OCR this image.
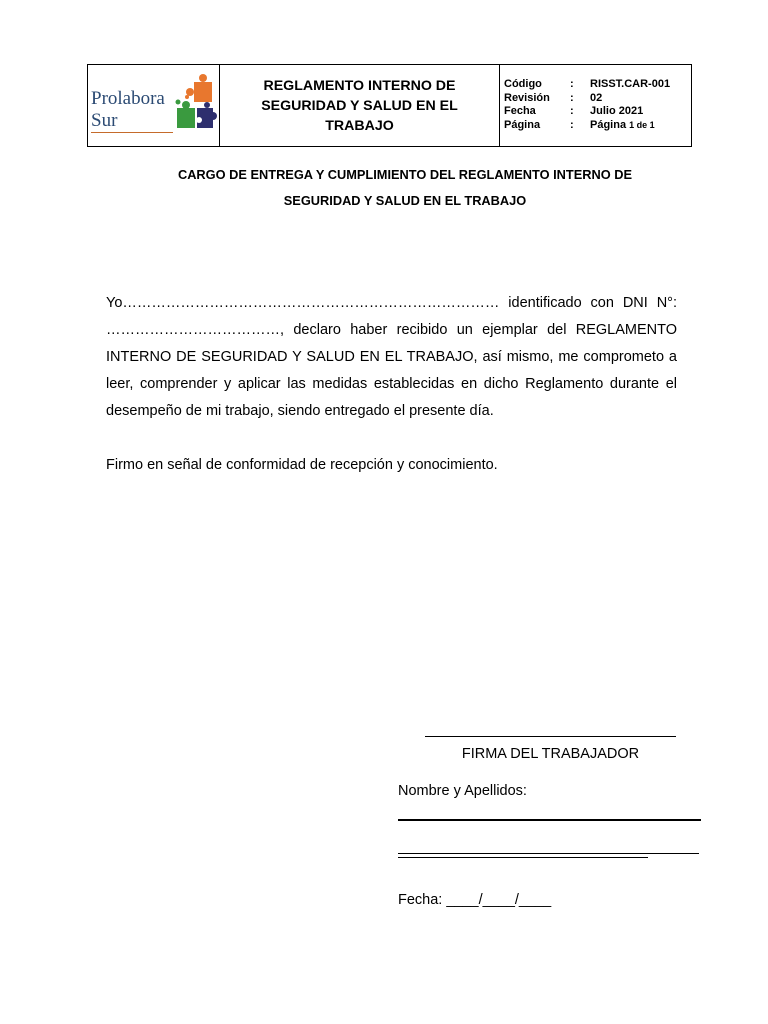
Prolabora
Sur
REGLAMENTO INTERNO DE SEGURIDAD Y SALUD EN EL TRABAJO
Código	:	RISST.CAR-001
Revisión	:	02
Fecha	:	Julio 2021
Página	:	Página 1 de 1
CARGO DE ENTREGA Y CUMPLIMIENTO DEL REGLAMENTO INTERNO DE SEGURIDAD Y SALUD EN EL TRABAJO

Yo…………………………………………………………………… identificado con DNI N°: ………………………………, declaro haber recibido un ejemplar del REGLAMENTO INTERNO DE SEGURIDAD Y SALUD EN EL TRABAJO, así mismo, me comprometo a leer, comprender y aplicar las medidas establecidas en dicho Reglamento durante el desempeño de mi trabajo, siendo entregado el presente día.

Firmo en señal de conformidad de recepción y conocimiento.

FIRMA DEL TRABAJADOR
Nombre y Apellidos:
Fecha: ____/____/____
